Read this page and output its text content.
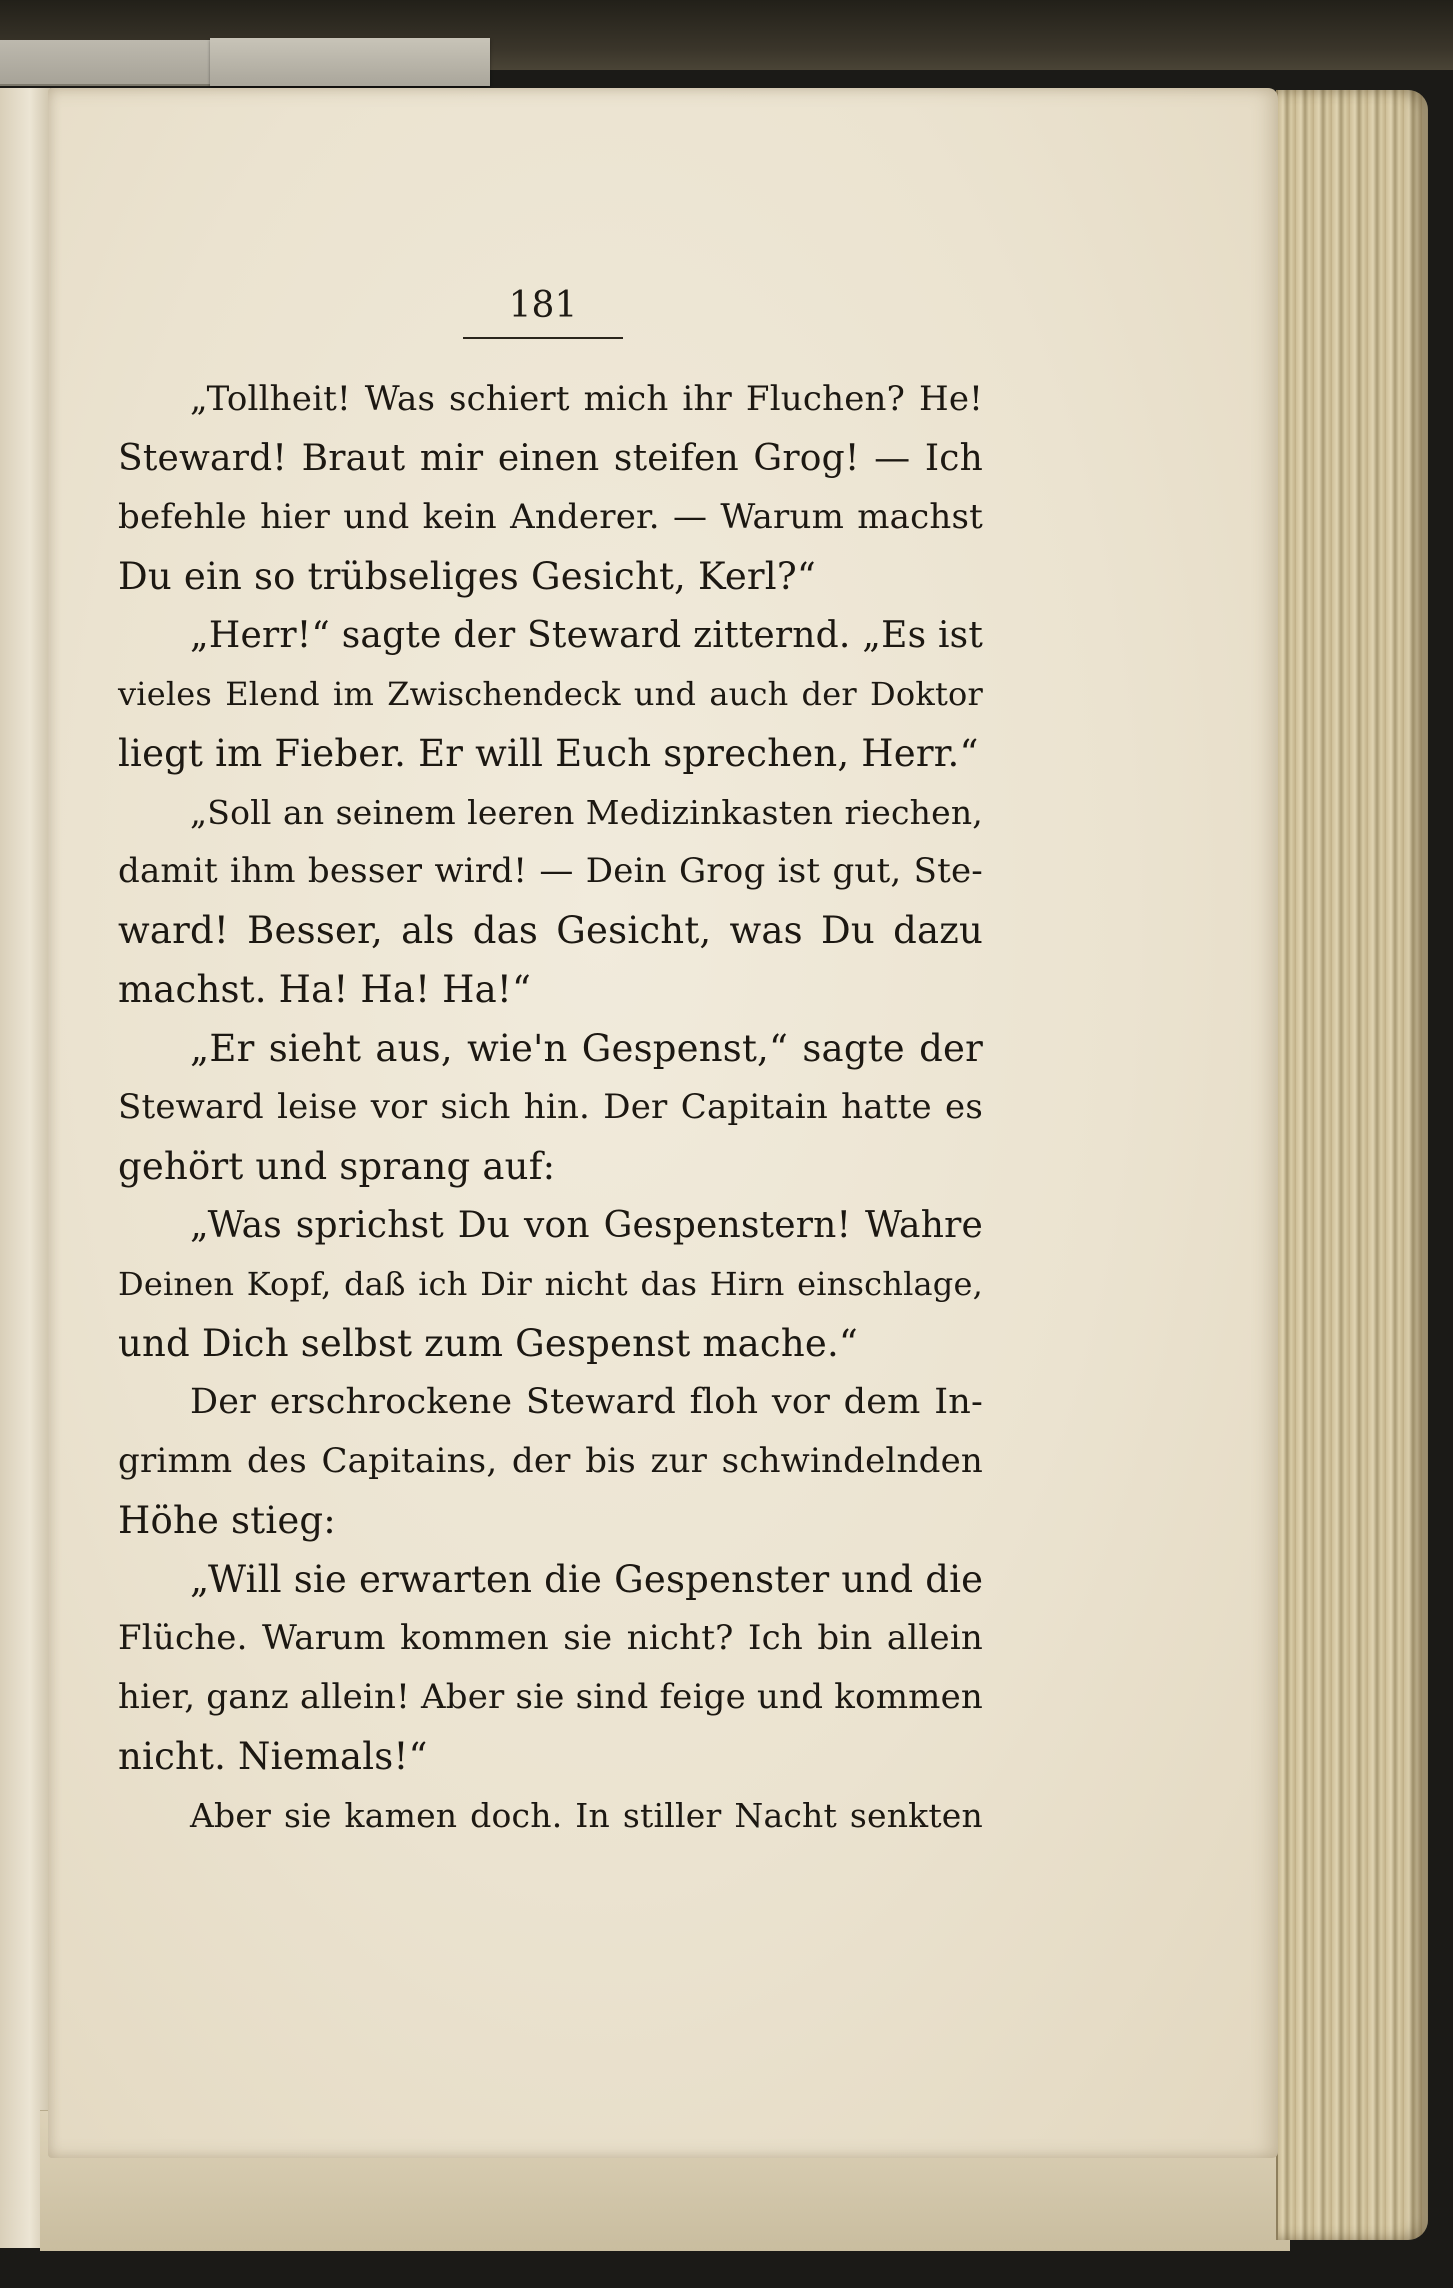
181
„Tollheit! Was schiert mich ihr Fluchen? He!
Steward! Braut mir einen steifen Grog! — Ich
befehle hier und kein Anderer. — Warum machst
Du ein so trübseliges Gesicht, Kerl?“
„Herr!“ sagte der Steward zitternd. „Es ist
vieles Elend im Zwischendeck und auch der Doktor
liegt im Fieber. Er will Euch sprechen, Herr.“
„Soll an seinem leeren Medizinkasten riechen,
damit ihm besser wird! — Dein Grog ist gut, Ste-
ward! Besser, als das Gesicht, was Du dazu
machst. Ha! Ha! Ha!“
„Er sieht aus, wie'n Gespenst,“ sagte der
Steward leise vor sich hin. Der Capitain hatte es
gehört und sprang auf:
„Was sprichst Du von Gespenstern! Wahre
Deinen Kopf, daß ich Dir nicht das Hirn einschlage,
und Dich selbst zum Gespenst mache.“
Der erschrockene Steward floh vor dem In-
grimm des Capitains, der bis zur schwindelnden
Höhe stieg:
„Will sie erwarten die Gespenster und die
Flüche. Warum kommen sie nicht? Ich bin allein
hier, ganz allein! Aber sie sind feige und kommen
nicht. Niemals!“
Aber sie kamen doch. In stiller Nacht senkten
